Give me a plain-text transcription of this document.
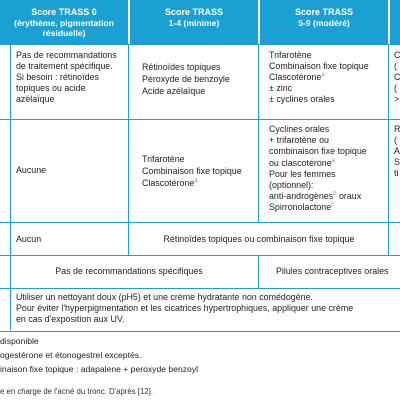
Score TRASS 0
(érythème, pigmentation
résiduelle)
Score TRASS
1-4 (minime)
Score TRASS
5-9 (modéré)
Pas de recommandations
de traitement spécifique.
Si besoin : rétinoïdes
topiques ou acide
azélaïque
Rétinoïdes topiques
Péroxyde de benzoyle
Acide azélaïque
Trifarotène
Combinaison fixe topique
Clascotérone$^a$
± zinc
± cyclines orales
C
(
C
(
>
Aucune
Trifarotène
Combinaison fixe topique
Clascotérone$^a$
Cyclines orales
+ trifarotène ou
combinaison fixe topique
ou clascotérone$^a$
Pour les femmes
(optionnel):
anti-androgènes$^b$ oraux
Spirronolactone$^c$
R
(
A
S
ti
Aucun	Rétinoïdes topiques ou combinaison fixe topique
Pas de recommandations spécifiques	Pilules contraceptives orales
Utiliser un nettoyant doux (pH5) et une crème hydratante non comédogène.
Pour éviter l'hyperpigmentation et les cicatrices hypertrophiques, appliquer une crème
en cas d'exposition aux UV.
disponible
ogestérone et étonogestrel exceptés.
inaison fixe topique : adapalene + peroxyde benzoyl
e en charge de l'acné du tronc. D'après [12].
